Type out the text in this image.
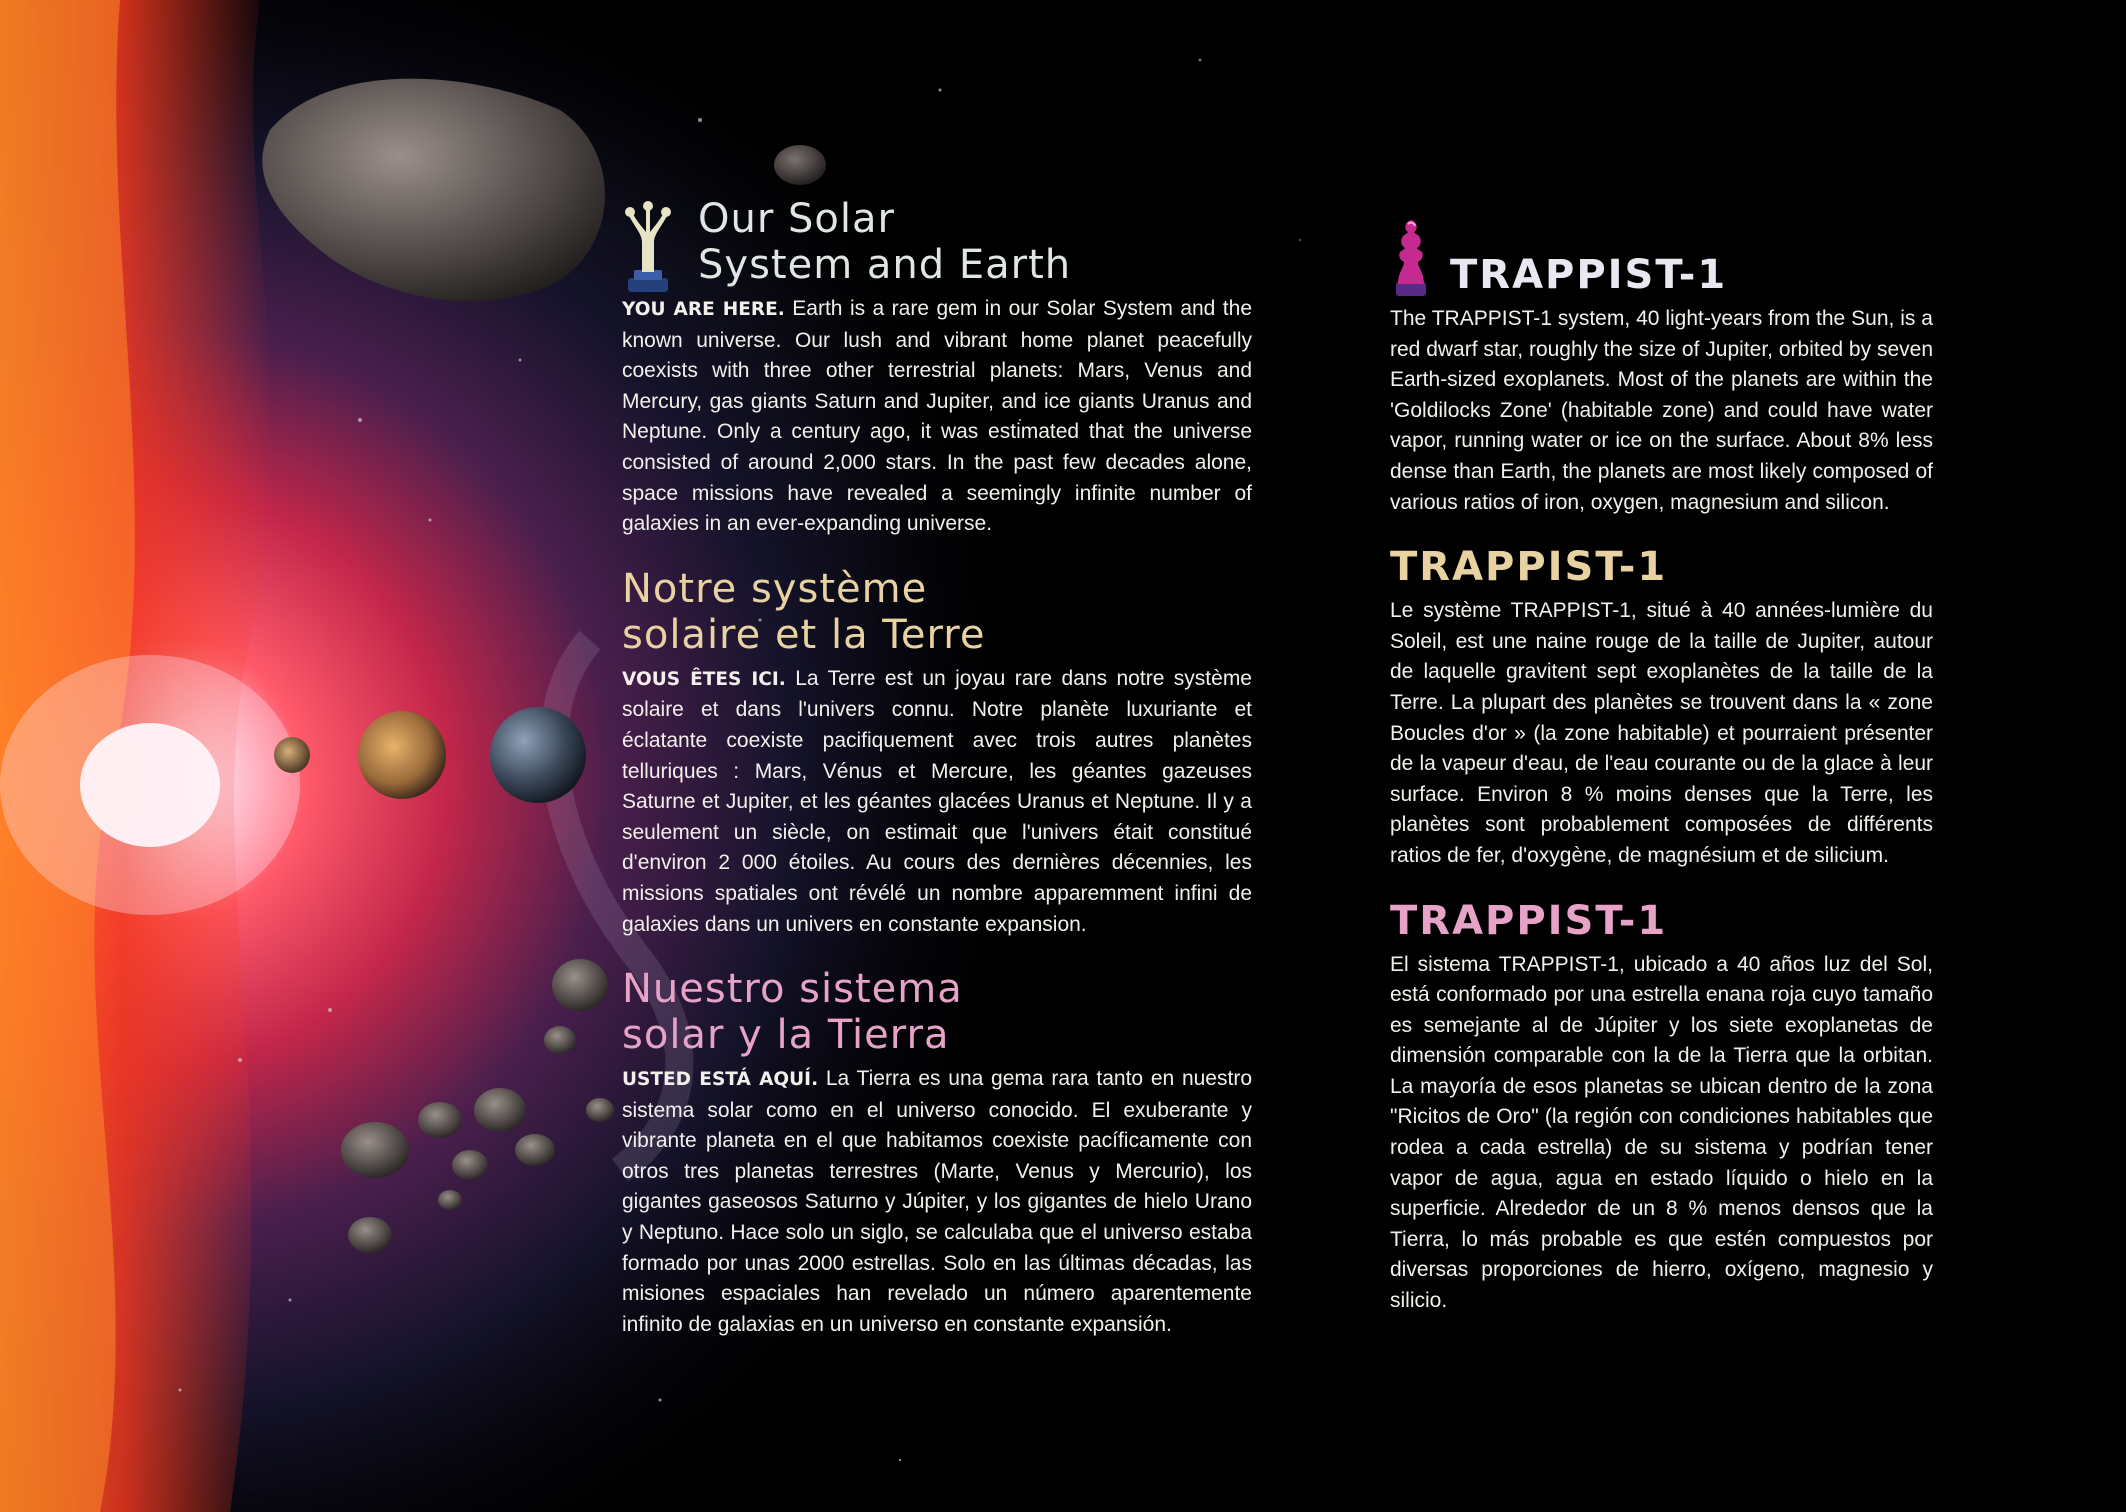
Our Solar
System and Earth

YOU ARE HERE. Earth is a rare gem in our Solar System and the known universe. Our lush and vibrant home planet peacefully coexists with three other terrestrial planets: Mars, Venus and Mercury, gas giants Saturn and Jupiter, and ice giants Uranus and Neptune. Only a century ago, it was estimated that the universe consisted of around 2,000 stars. In the past few decades alone, space missions have revealed a seemingly infinite number of galaxies in an ever-expanding universe.

Notre système
solaire et la Terre

VOUS ÊTES ICI. La Terre est un joyau rare dans notre système solaire et dans l'univers connu. Notre planète luxuriante et éclatante coexiste pacifiquement avec trois autres planètes telluriques : Mars, Vénus et Mercure, les géantes gazeuses Saturne et Jupiter, et les géantes glacées Uranus et Neptune. Il y a seulement un siècle, on estimait que l'univers était constitué d'environ 2 000 étoiles. Au cours des dernières décennies, les missions spatiales ont révélé un nombre apparemment infini de galaxies dans un univers en constante expansion.

Nuestro sistema
solar y la Tierra

USTED ESTÁ AQUÍ. La Tierra es una gema rara tanto en nuestro sistema solar como en el universo conocido. El exuberante y vibrante planeta en el que habitamos coexiste pacíficamente con otros tres planetas terrestres (Marte, Venus y Mercurio), los gigantes gaseosos Saturno y Júpiter, y los gigantes de hielo Urano y Neptuno. Hace solo un siglo, se calculaba que el universo estaba formado por unas 2000 estrellas. Solo en las últimas décadas, las misiones espaciales han revelado un número aparentemente infinito de galaxias en un universo en constante expansión.

TRAPPIST-1

The TRAPPIST-1 system, 40 light-years from the Sun, is a red dwarf star, roughly the size of Jupiter, orbited by seven Earth-sized exoplanets. Most of the planets are within the 'Goldilocks Zone' (habitable zone) and could have water vapor, running water or ice on the surface. About 8% less dense than Earth, the planets are most likely composed of various ratios of iron, oxygen, magnesium and silicon.

TRAPPIST-1

Le système TRAPPIST-1, situé à 40 années-lumière du Soleil, est une naine rouge de la taille de Jupiter, autour de laquelle gravitent sept exoplanètes de la taille de la Terre. La plupart des planètes se trouvent dans la « zone Boucles d'or » (la zone habitable) et pourraient présenter de la vapeur d'eau, de l'eau courante ou de la glace à leur surface. Environ 8 % moins denses que la Terre, les planètes sont probablement composées de différents ratios de fer, d'oxygène, de magnésium et de silicium.

TRAPPIST-1

El sistema TRAPPIST-1, ubicado a 40 años luz del Sol, está conformado por una estrella enana roja cuyo tamaño es semejante al de Júpiter y los siete exoplanetas de dimensión comparable con la de la Tierra que la orbitan. La mayoría de esos planetas se ubican dentro de la zona "Ricitos de Oro" (la región con condiciones habitables que rodea a cada estrella) de su sistema y podrían tener vapor de agua, agua en estado líquido o hielo en la superficie. Alrededor de un 8 % menos densos que la Tierra, lo más probable es que estén compuestos por diversas proporciones de hierro, oxígeno, magnesio y silicio.
